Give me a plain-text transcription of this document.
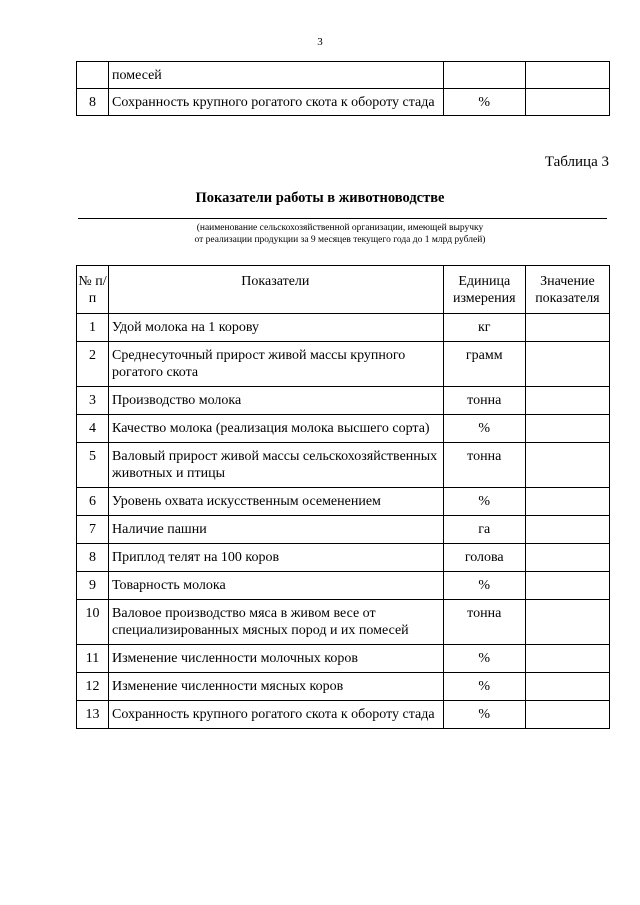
3
	помесей		
8	Сохранность крупного рогатого скота к обороту стада	%	
Таблица 3
Показатели работы в животноводстве
(наименование сельскохозяйственной организации, имеющей выручку
от реализации продукции за 9 месяцев текущего года до 1 млрд рублей)
№ п/п	Показатели	Единица измерения	Значение показателя
1	Удой молока на 1 корову	кг	
2	Среднесуточный прирост живой массы крупного рогатого скота	грамм	
3	Производство молока	тонна	
4	Качество молока (реализация молока высшего сорта)	%	
5	Валовый прирост живой массы сельскохозяйственных животных и птицы	тонна	
6	Уровень охвата искусственным осеменением	%	
7	Наличие пашни	га	
8	Приплод телят на 100 коров	голова	
9	Товарность молока	%	
10	Валовое производство мяса в живом весе от специализированных мясных пород и их помесей	тонна	
11	Изменение численности молочных коров	%	
12	Изменение численности мясных коров	%	
13	Сохранность крупного рогатого скота к обороту стада	%	
